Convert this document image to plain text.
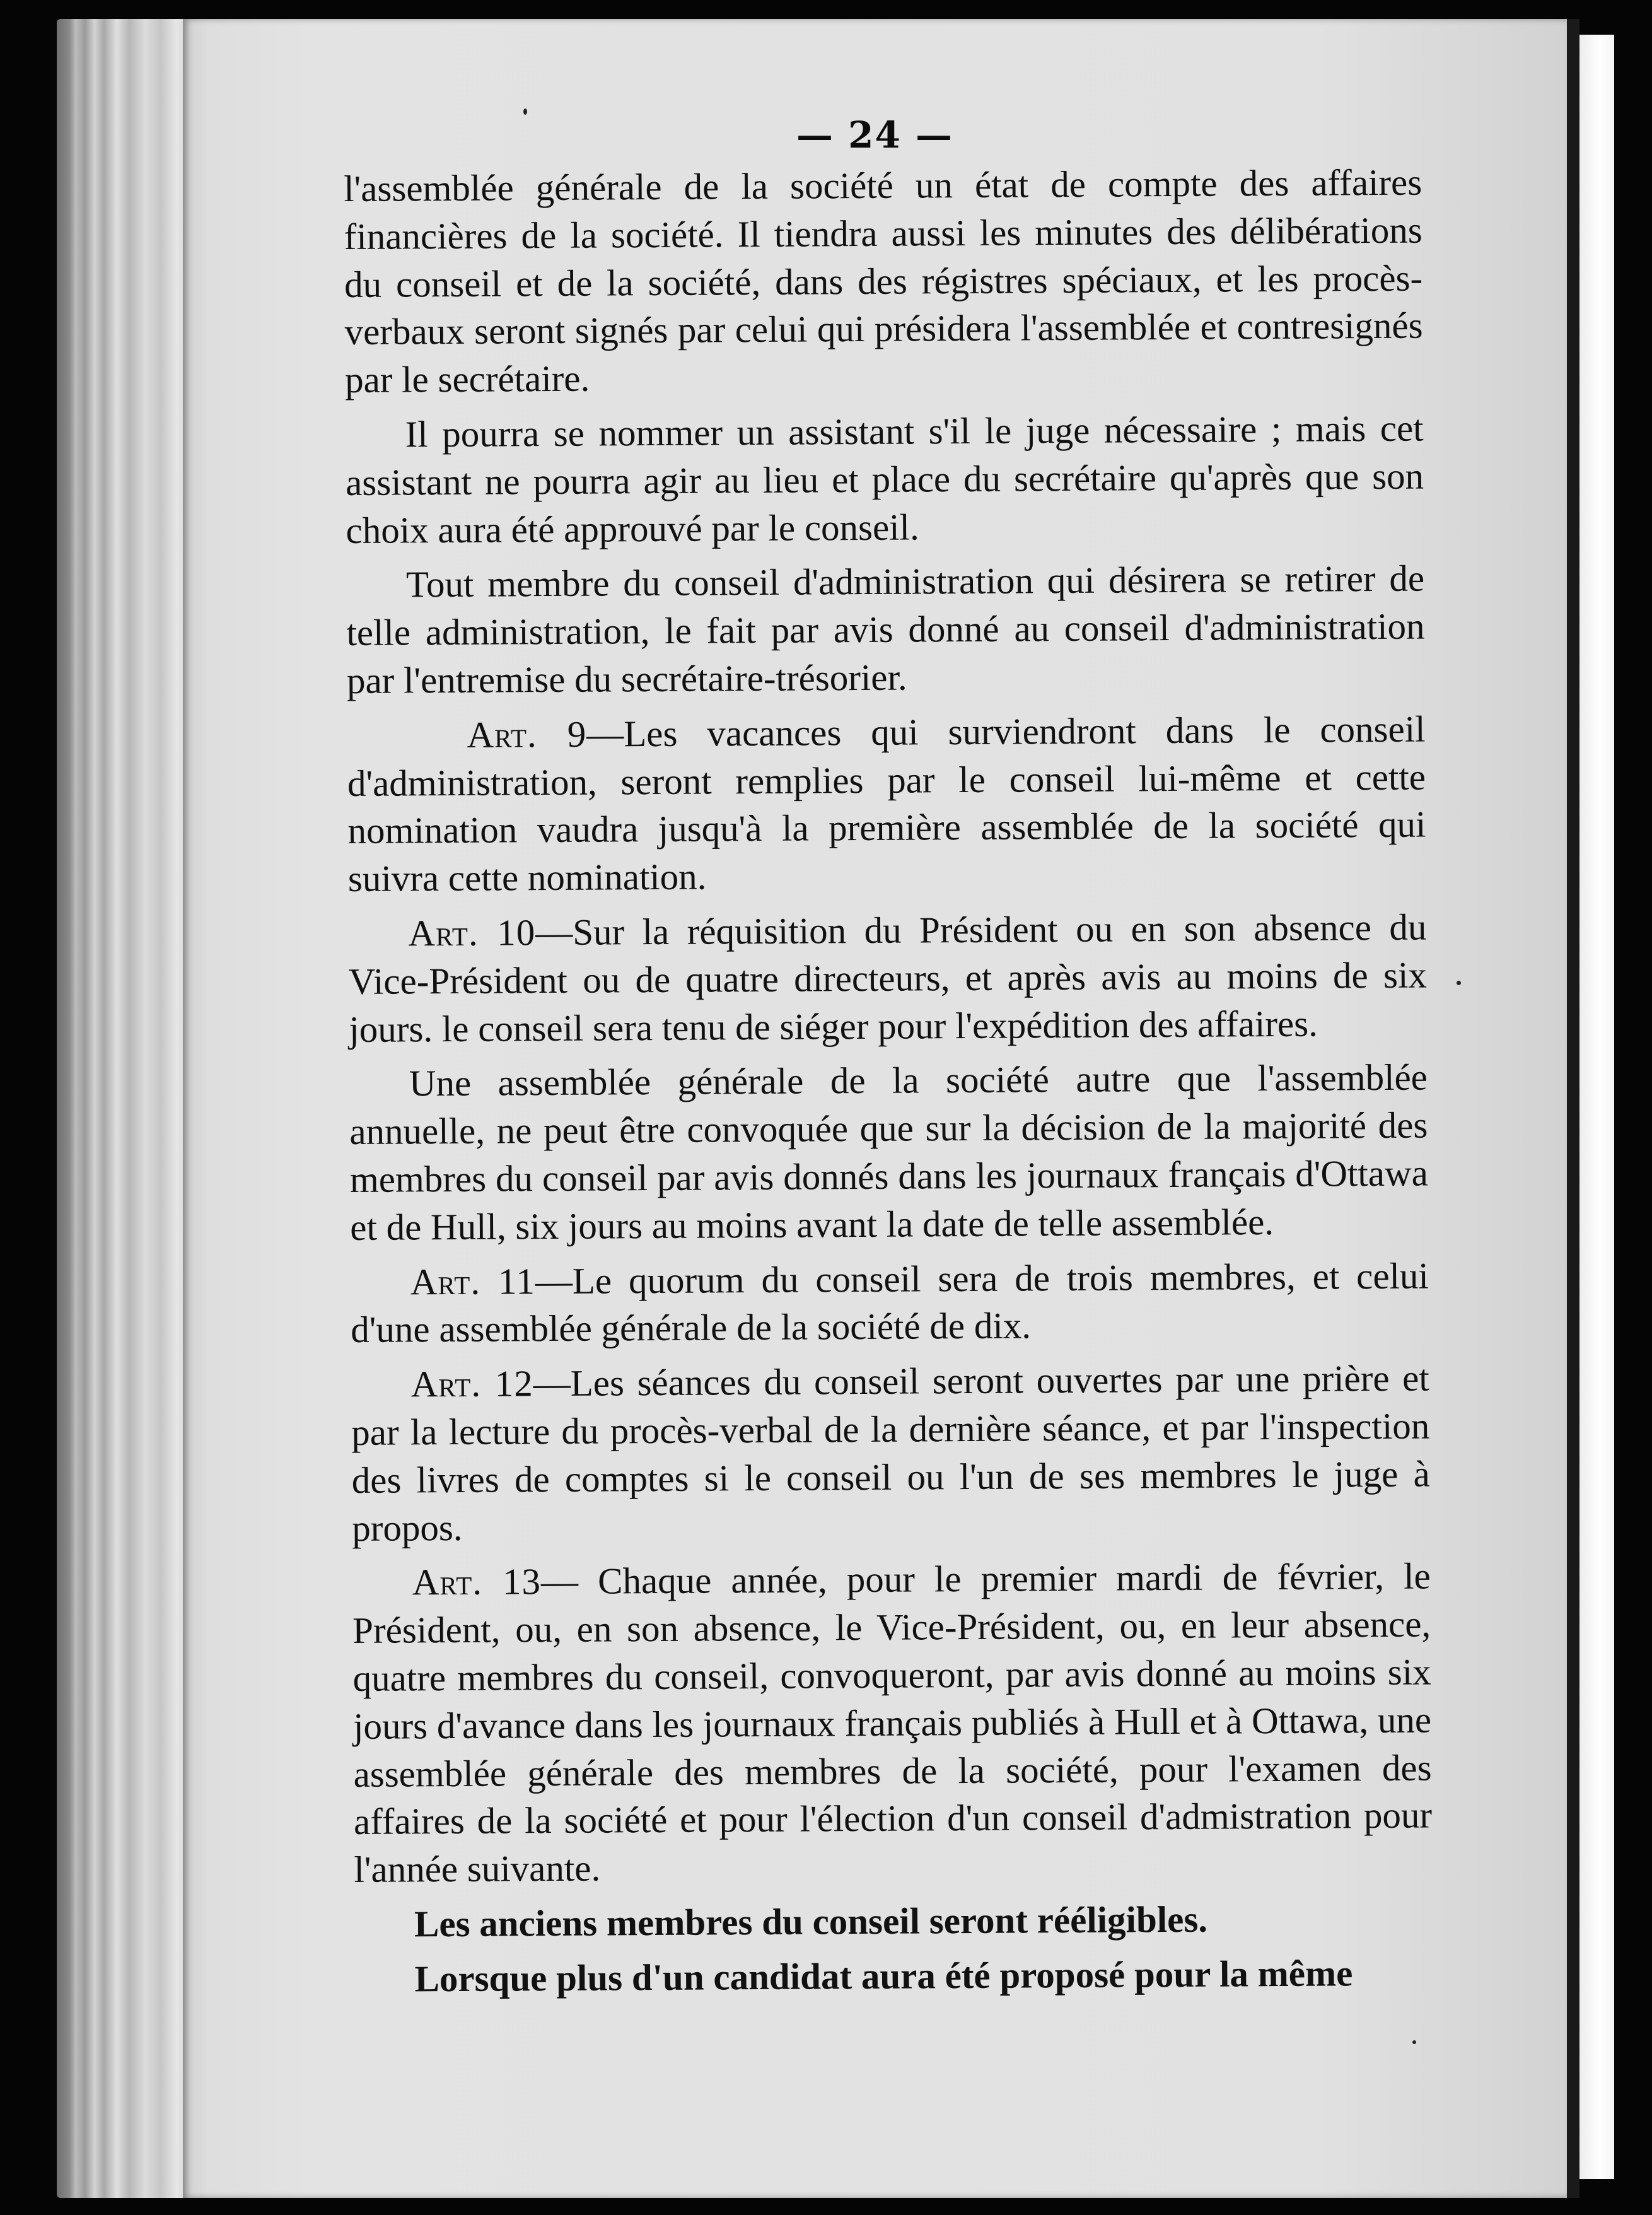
— 24 —

l'assemblée générale de la société un état de compte des affaires financières de la société. Il tiendra aussi les minutes des délibérations du conseil et de la société, dans des régistres spéciaux, et les procès-verbaux seront signés par celui qui présidera l'assemblée et contresignés par le secrétaire.

Il pourra se nommer un assistant s'il le juge nécessaire ; mais cet assistant ne pourra agir au lieu et place du secrétaire qu'après que son choix aura été approuvé par le conseil.

Tout membre du conseil d'administration qui désirera se retirer de telle administration, le fait par avis donné au conseil d'administration par l'entremise du secrétaire-trésorier.

Art. 9—Les vacances qui surviendront dans le conseil d'administration, seront remplies par le conseil lui-même et cette nomination vaudra jusqu'à la première assemblée de la société qui suivra cette nomination.

Art. 10—Sur la réquisition du Président ou en son absence du Vice-Président ou de quatre directeurs, et après avis au moins de six jours. le conseil sera tenu de siéger pour l'expédition des affaires.

Une assemblée générale de la société autre que l'assemblée annuelle, ne peut être convoquée que sur la décision de la majorité des membres du conseil par avis donnés dans les journaux français d'Ottawa et de Hull, six jours au moins avant la date de telle assemblée.

Art. 11—Le quorum du conseil sera de trois membres, et celui d'une assemblée générale de la société de dix.

Art. 12—Les séances du conseil seront ouvertes par une prière et par la lecture du procès-verbal de la dernière séance, et par l'inspection des livres de comptes si le conseil ou l'un de ses membres le juge à propos.

Art. 13— Chaque année, pour le premier mardi de février, le Président, ou, en son absence, le Vice-Président, ou, en leur absence, quatre membres du conseil, convoqueront, par avis donné au moins six jours d'avance dans les journaux français publiés à Hull et à Ottawa, une assemblée générale des membres de la société, pour l'examen des affaires de la société et pour l'élection d'un conseil d'admistration pour l'année suivante.

Les anciens membres du conseil seront rééligibles.

Lorsque plus d'un candidat aura été proposé pour la même
